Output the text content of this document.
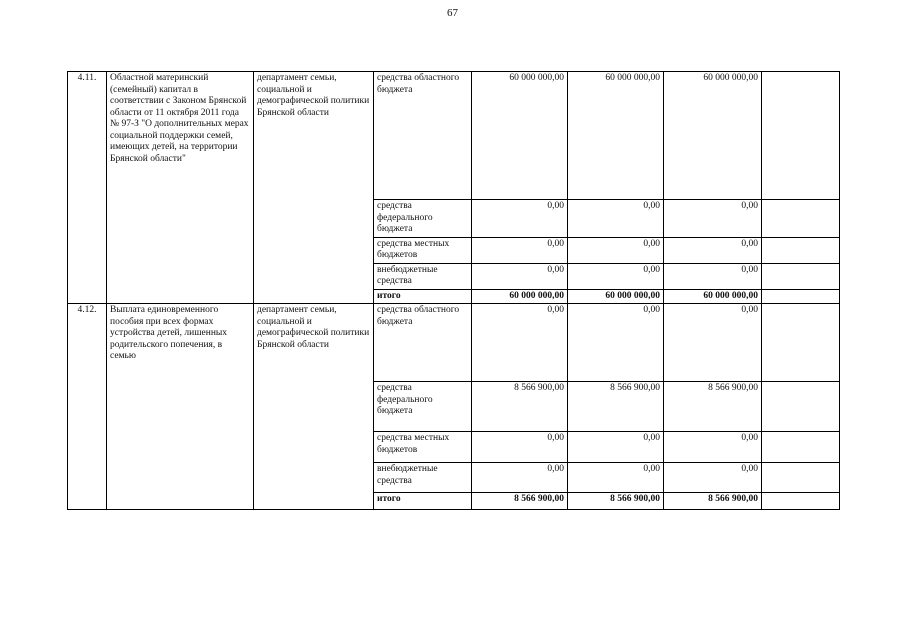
67
4.11.	Областной материнский (семейный) капитал в соответствии с Законом Брянской области от 11 октября 2011 года № 97-З "О дополнительных мерах социальной поддержки семей, имеющих детей, на территории Брянской области"	департамент семьи, социальной и демографической политики Брянской области	средства областного бюджета	60 000 000,00	60 000 000,00	60 000 000,00	
			средства федерального бюджета	0,00	0,00	0,00	
			средства местных бюджетов	0,00	0,00	0,00	
			внебюджетные средства	0,00	0,00	0,00	
			итого	60 000 000,00	60 000 000,00	60 000 000,00	
4.12.	Выплата единовременного пособия при всех формах устройства детей, лишенных родительского попечения, в семью	департамент семьи, социальной и демографической политики Брянской области	средства областного бюджета	0,00	0,00	0,00	
			средства федерального бюджета	8 566 900,00	8 566 900,00	8 566 900,00	
			средства местных бюджетов	0,00	0,00	0,00	
			внебюджетные средства	0,00	0,00	0,00	
			итого	8 566 900,00	8 566 900,00	8 566 900,00	
